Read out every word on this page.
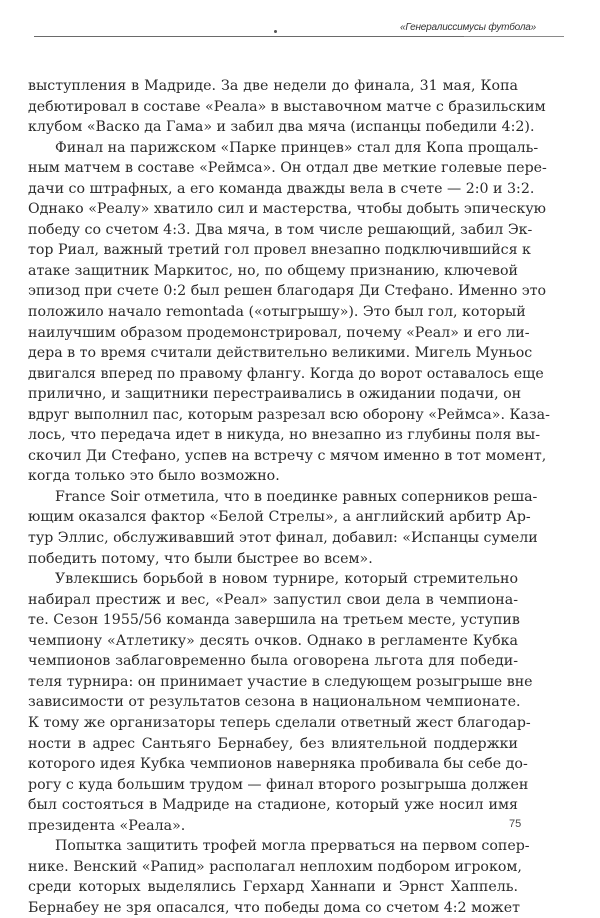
«Генералиссимусы футбола»
выступления в Мадриде. За две недели до финала, 31 мая, Копа
дебютировал в составе «Реала» в выставочном матче с бразильским
клубом «Васко да Гама» и забил два мяча (испанцы победили 4:2).
Финал на парижском «Парке принцев» стал для Копа прощаль-
ным матчем в составе «Реймса». Он отдал две меткие голевые пере-
дачи со штрафных, а его команда дважды вела в счете — 2:0 и 3:2.
Однако «Реалу» хватило сил и мастерства, чтобы добыть эпическую
победу со счетом 4:3. Два мяча, в том числе решающий, забил Эк-
тор Риал, важный третий гол провел внезапно подключившийся к
атаке защитник Маркитос, но, по общему признанию, ключевой
эпизод при счете 0:2 был решен благодаря Ди Стефано. Именно это
положило начало remontada («отыгрышу»). Это был гол, который
наилучшим образом продемонстрировал, почему «Реал» и его ли-
дера в то время считали действительно великими. Мигель Муньос
двигался вперед по правому флангу. Когда до ворот оставалось еще
прилично, и защитники перестраивались в ожидании подачи, он
вдруг выполнил пас, которым разрезал всю оборону «Реймса». Каза-
лось, что передача идет в никуда, но внезапно из глубины поля вы-
скочил Ди Стефано, успев на встречу с мячом именно в тот момент,
когда только это было возможно.
France Soir отметила, что в поединке равных соперников реша-
ющим оказался фактор «Белой Стрелы», а английский арбитр Ар-
тур Эллис, обслуживавший этот финал, добавил: «Испанцы сумели
победить потому, что были быстрее во всем».
Увлекшись борьбой в новом турнире, который стремительно
набирал престиж и вес, «Реал» запустил свои дела в чемпиона-
те. Сезон 1955/56 команда завершила на третьем месте, уступив
чемпиону «Атлетику» десять очков. Однако в регламенте Кубка
чемпионов заблаговременно была оговорена льгота для победи-
теля турнира: он принимает участие в следующем розыгрыше вне
зависимости от результатов сезона в национальном чемпионате.
К тому же организаторы теперь сделали ответный жест благодар-
ности в адрес Сантьяго Бернабеу, без влиятельной поддержки
которого идея Кубка чемпионов наверняка пробивала бы себе до-
рогу с куда большим трудом — финал второго розыгрыша должен
был состояться в Мадриде на стадионе, который уже носил имя
президента «Реала».
Попытка защитить трофей могла прерваться на первом сопер-
нике. Венский «Рапид» располагал неплохим подбором игроком,
среди которых выделялись Герхард Ханнапи и Эрнст Хаппель.
Бернабеу не зря опасался, что победы дома со счетом 4:2 может
75
